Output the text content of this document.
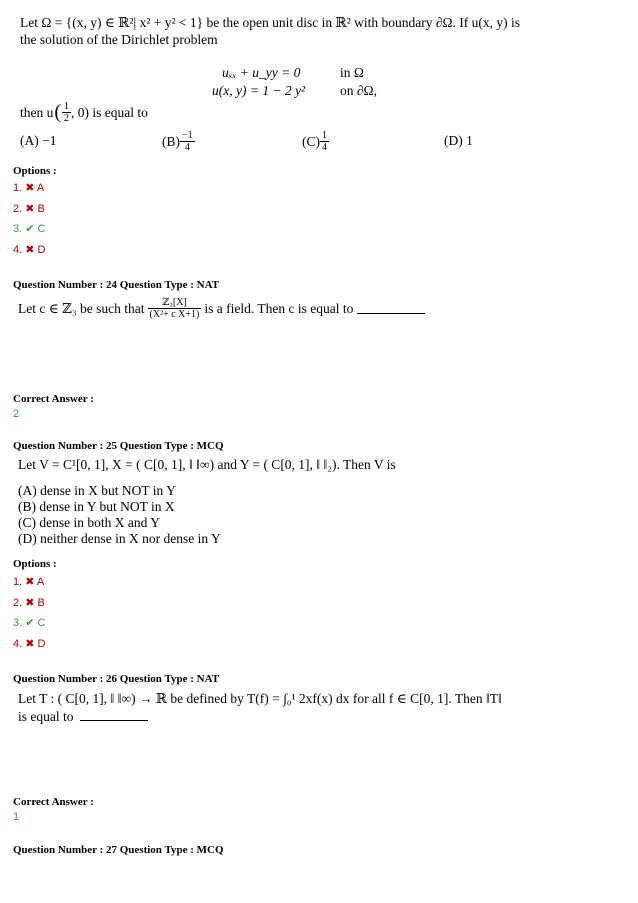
Let Ω = {(x, y) ∈ ℝ²| x² + y² < 1} be the open unit disc in ℝ² with boundary ∂Ω. If u(x, y) is
the solution of the Dirichlet problem
uₓₓ + u_yy = 0	in Ω
u(x, y) = 1 − 2 y²	on ∂Ω,
then u ( $\frac{1}{2}$ , 0) is equal to
(A) −1	$(B) \frac{-1}{4}$	$(C) \frac{1}{4}$	(D) 1
Options :
1. ✖ A
2. ✖ B
3. ✔ C
4. ✖ D
Question Number : 24 Question Type : NAT
Let c ∈ ℤ₃ be such that $\frac{\text{ℤ₃[X]}}{\text{(X²+ c X+1)}}$ is a field. Then c is equal to
Correct Answer :
2
Question Number : 25 Question Type : MCQ
Let V = C¹[0, 1], X = ( C[0, 1], ‖ ‖∞) and Y = ( C[0, 1], ‖ ‖₂). Then V is
(A) dense in X but NOT in Y
(B) dense in Y but NOT in X
(C) dense in both X and Y
(D) neither dense in X nor dense in Y
Options :
1. ✖ A
2. ✖ B
3. ✔ C
4. ✖ D
Question Number : 26 Question Type : NAT
Let T : ( C[0, 1], ‖ ‖∞) → ℝ be defined by T(f) = ∫₀¹ 2xf(x) dx for all f ∈ C[0, 1]. Then ‖T‖
is equal to
Correct Answer :
1
Question Number : 27 Question Type : MCQ
